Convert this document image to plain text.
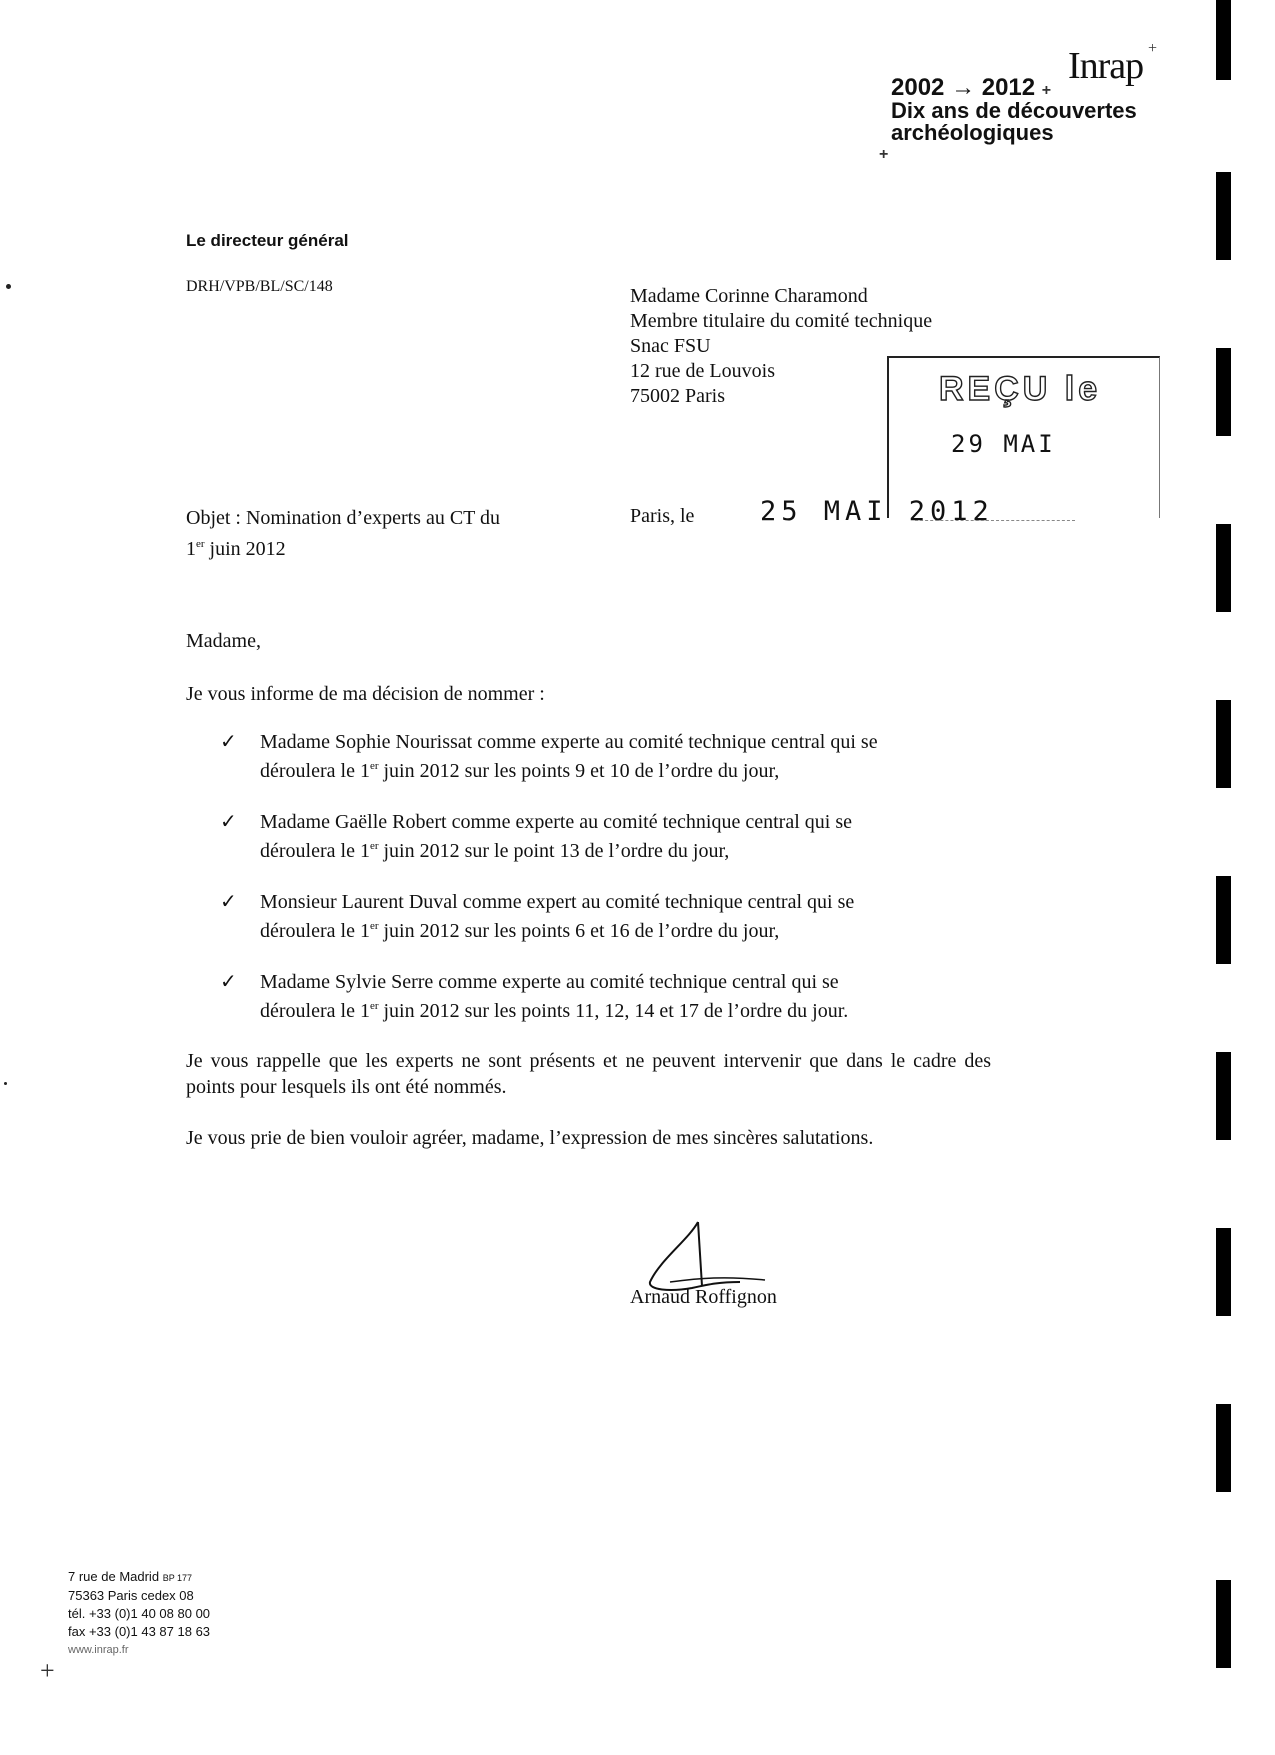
Inrap +
2002 → 2012 +
Dix ans de découvertes
archéologiques
+
Le directeur général
DRH/VPB/BL/SC/148	Madame Corinne Charamond
Membre titulaire du comité technique
Snac FSU
12 rue de Louvois
75002 Paris	REÇU le
29 MAI
Objet : Nomination d’experts au CT du
1er juin 2012
Paris, le 25 MAI 2012
Madame,
Je vous informe de ma décision de nommer :
✓ Madame Sophie Nourissat comme experte au comité technique central qui se
déroulera le 1er juin 2012 sur les points 9 et 10 de l’ordre du jour,
✓ Madame Gaëlle Robert comme experte au comité technique central qui se
déroulera le 1er juin 2012 sur le point 13 de l’ordre du jour,
✓ Monsieur Laurent Duval comme expert au comité technique central qui se
déroulera le 1er juin 2012 sur les points 6 et 16 de l’ordre du jour,
✓ Madame Sylvie Serre comme experte au comité technique central qui se
déroulera le 1er juin 2012 sur les points 11, 12, 14 et 17 de l’ordre du jour.
Je vous rappelle que les experts ne sont présents et ne peuvent intervenir que dans le cadre des points pour lesquels ils ont été nommés.
Je vous prie de bien vouloir agréer, madame, l’expression de mes sincères salutations.
Arnaud Roffignon
7 rue de Madrid BP 177
75363 Paris cedex 08
tél. +33 (0)1 40 08 80 00
fax +33 (0)1 43 87 18 63
www.inrap.fr
+
